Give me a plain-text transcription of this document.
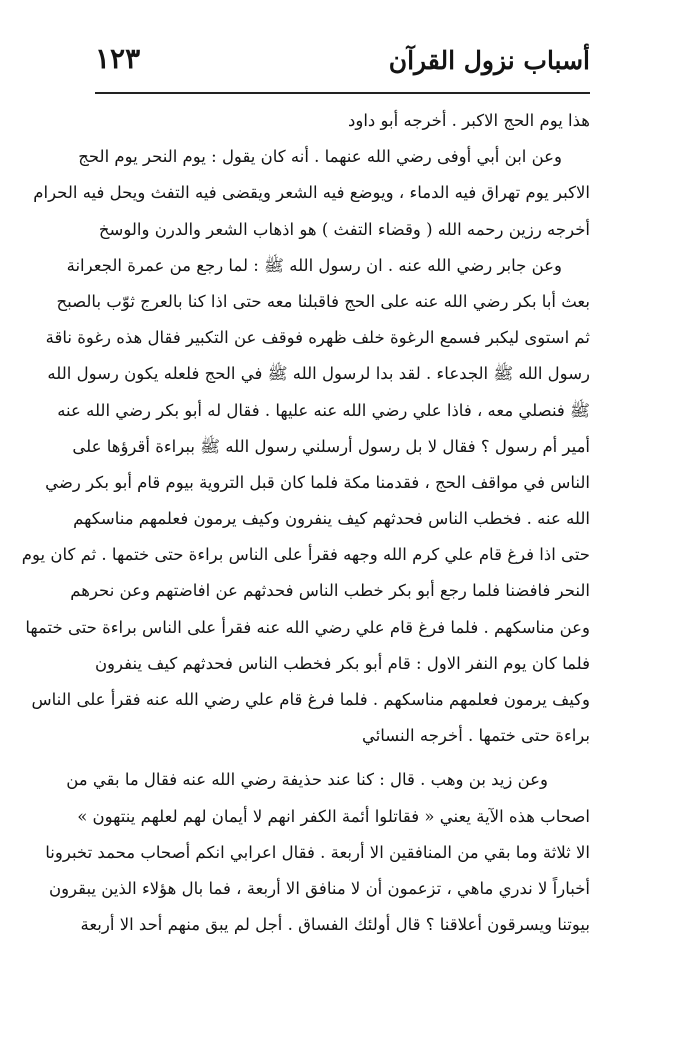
أسباب نزول القرآن
١٢٣
هذا يوم الحج الاكبر . أخرجه أبو داود
وعن ابن أبي أوفى رضي الله عنهما . أنه كان يقول : يوم النحر يوم الحج
الاكبر يوم تهراق فيه الدماء ، ويوضع فيه الشعر ويقضى فيه التفث ويحل فيه الحرام
أخرجه رزين رحمه الله ( وقضاء التفث ) هو اذهاب الشعر والدرن والوسخ
وعن جابر رضي الله عنه . ان رسول الله ﷺ : لما رجع من عمرة الجعرانة
بعث أبا بكر رضي الله عنه على الحج فاقبلنا معه حتى اذا كنا بالعرج ثوّب بالصبح
ثم استوى ليكبر فسمع الرغوة خلف ظهره فوقف عن التكبير فقال هذه رغوة ناقة
رسول الله ﷺ الجدعاء . لقد بدا لرسول الله ﷺ في الحج فلعله يكون رسول الله
ﷺ فنصلي معه ، فاذا علي رضي الله عنه عليها . فقال له أبو بكر رضي الله عنه
أمير أم رسول ؟ فقال لا بل رسول أرسلني رسول الله ﷺ ببراءة أقرؤها على
الناس في مواقف الحج ، فقدمنا مكة فلما كان قبل التروية بيوم قام أبو بكر رضي
الله عنه . فخطب الناس فحدثهم كيف ينفرون وكيف يرمون فعلمهم مناسكهم
حتى اذا فرغ قام علي كرم الله وجهه فقرأ على الناس براءة حتى ختمها . ثم كان يوم
النحر فافضنا فلما رجع أبو بكر خطب الناس فحدثهم عن افاضتهم وعن نحرهم
وعن مناسكهم . فلما فرغ قام علي رضي الله عنه فقرأ على الناس براءة حتى ختمها
فلما كان يوم النفر الاول : قام أبو بكر فخطب الناس فحدثهم كيف ينفرون
وكيف يرمون فعلمهم مناسكهم . فلما فرغ قام علي رضي الله عنه فقرأ على الناس
براءة حتى ختمها . أخرجه النسائي
وعن زيد بن وهب . قال : كنا عند حذيفة رضي الله عنه فقال ما بقي من
اصحاب هذه الآية يعني « فقاتلوا أئمة الكفر انهم لا أيمان لهم لعلهم ينتهون »
الا ثلاثة وما بقي من المنافقين الا أربعة . فقال اعرابي انكم أصحاب محمد تخبرونا
أخباراً لا ندري ماهي ، تزعمون أن لا منافق الا أربعة ، فما بال هؤلاء الذين يبقرون
بيوتنا ويسرقون أعلاقنا ؟ قال أولئك الفساق . أجل لم يبق منهم أحد الا أربعة
